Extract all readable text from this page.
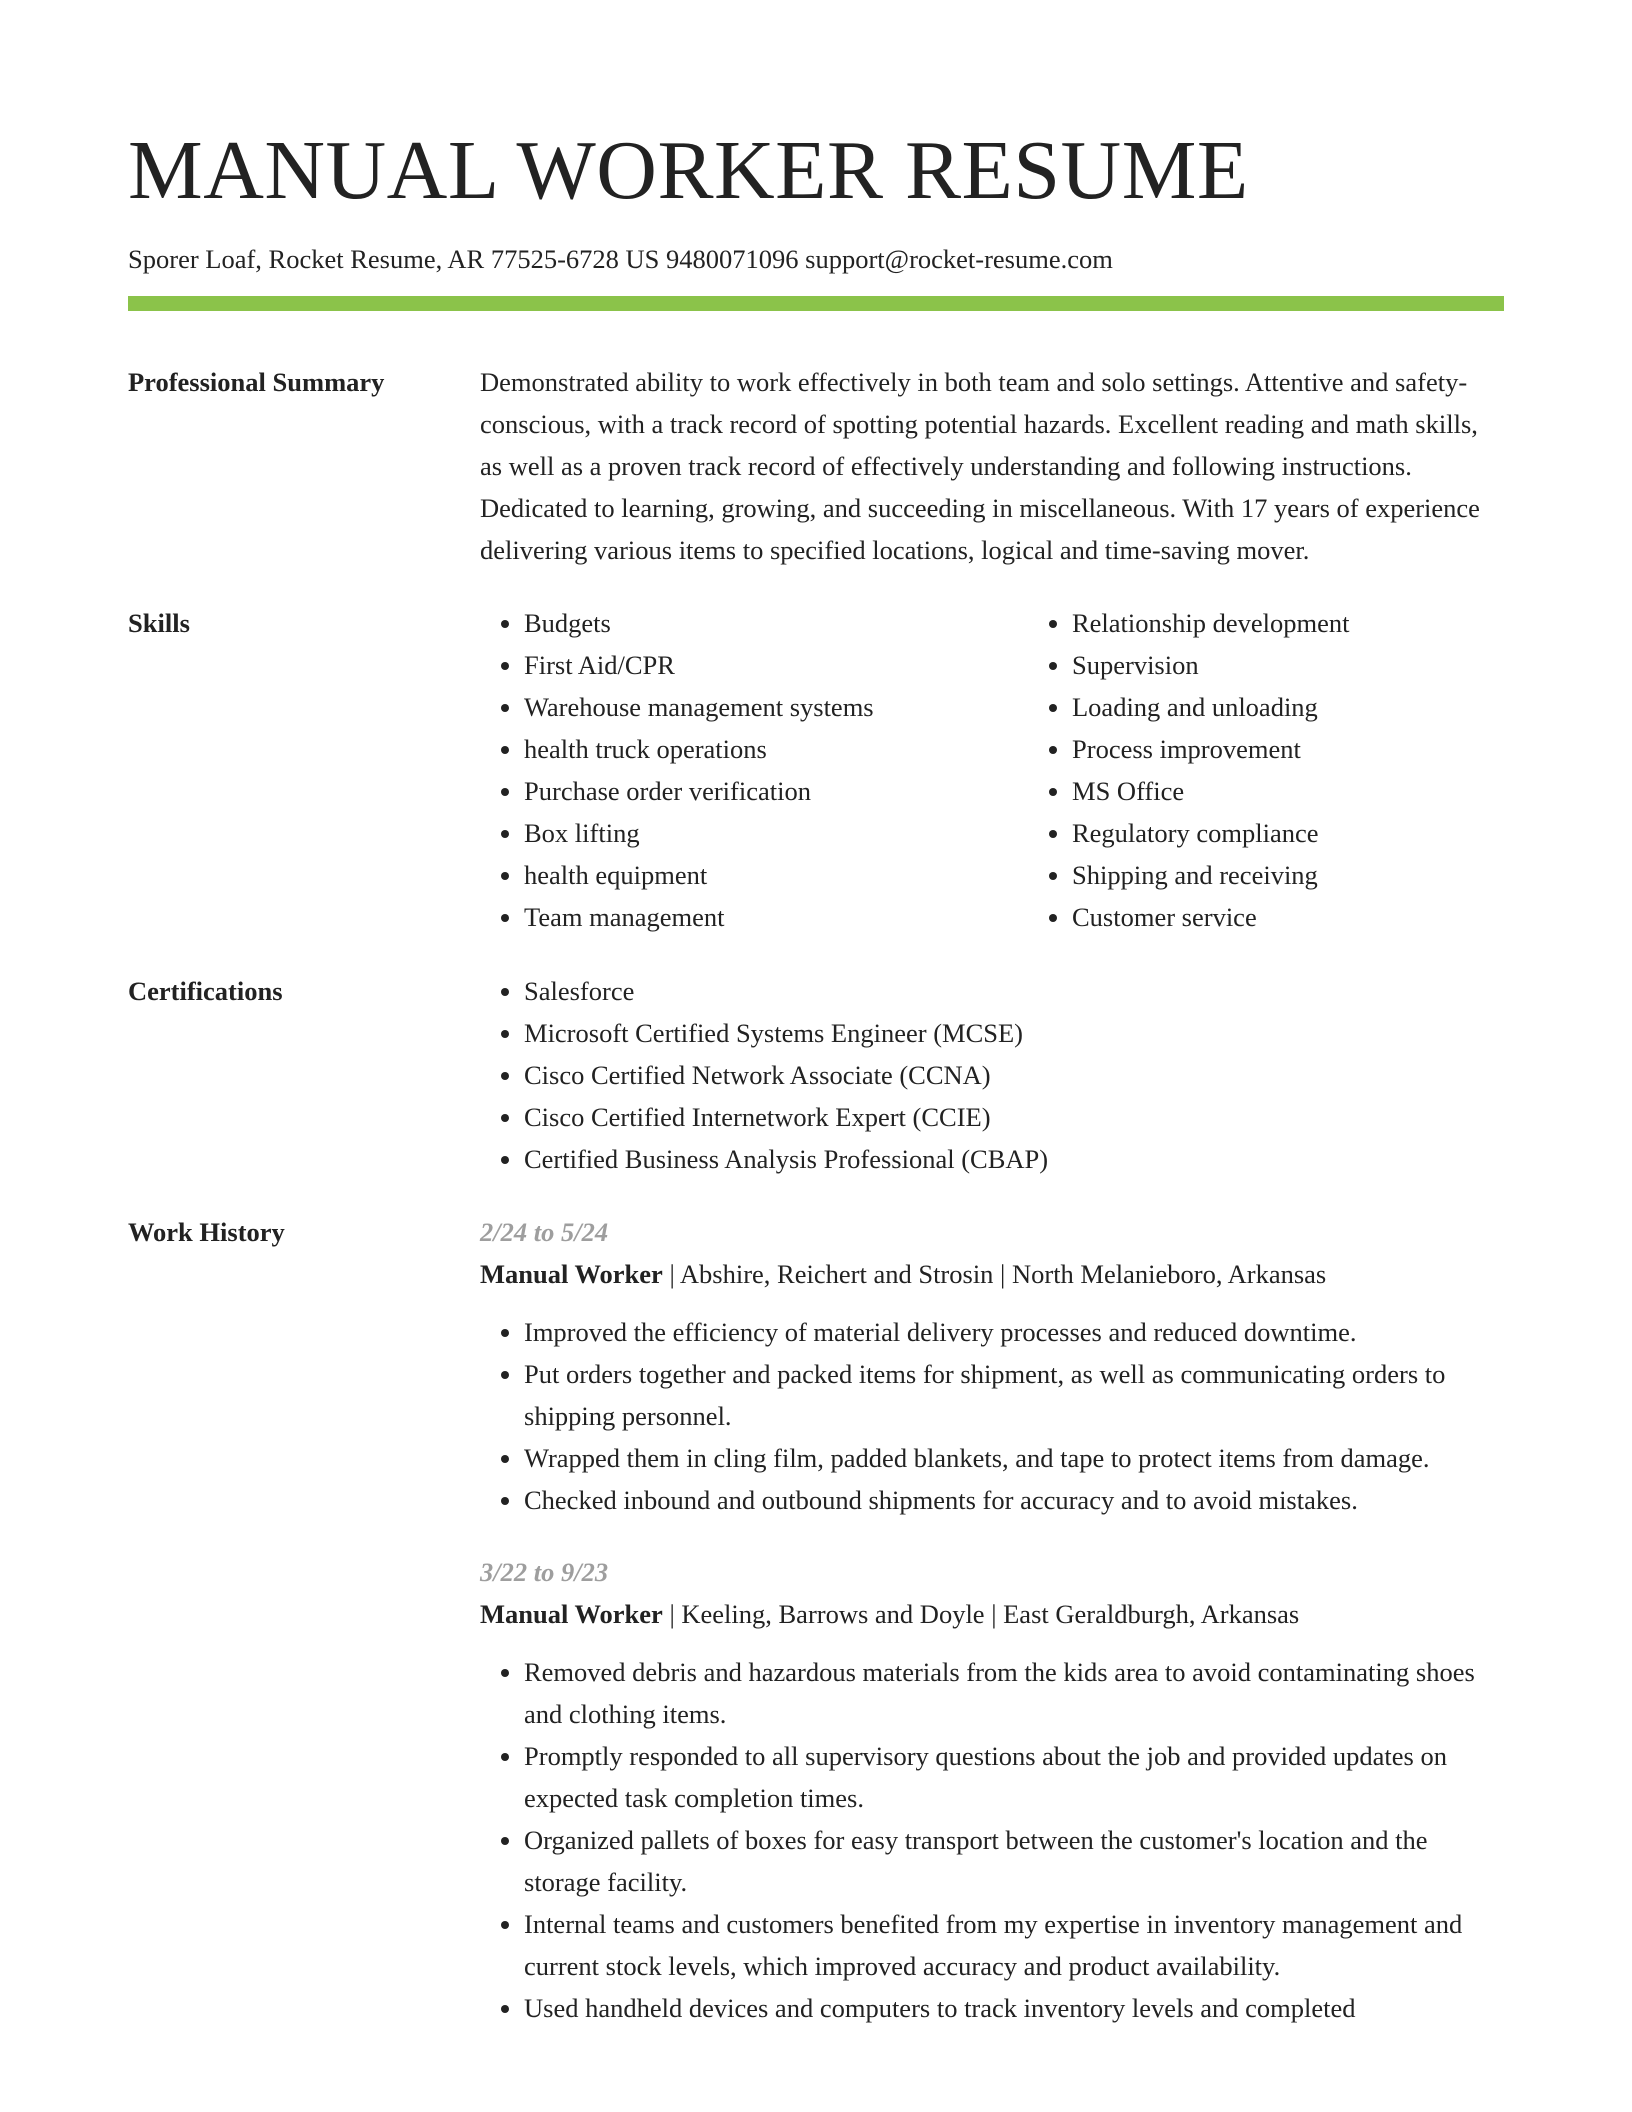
MANUAL WORKER RESUME
Sporer Loaf, Rocket Resume, AR 77525-6728 US 9480071096 support@rocket-resume.com
Professional Summary	Demonstrated ability to work effectively in both team and solo settings. Attentive and safety-conscious, with a track record of spotting potential hazards. Excellent reading and math skills, as well as a proven track record of effectively understanding and following instructions. Dedicated to learning, growing, and succeeding in miscellaneous. With 17 years of experience delivering various items to specified locations, logical and time-saving mover.
Skills	• Budgets
• First Aid/CPR
• Warehouse management systems
• health truck operations
• Purchase order verification
• Box lifting
• health equipment
• Team management
• Relationship development
• Supervision
• Loading and unloading
• Process improvement
• MS Office
• Regulatory compliance
• Shipping and receiving
• Customer service
Certifications	• Salesforce
• Microsoft Certified Systems Engineer (MCSE)
• Cisco Certified Network Associate (CCNA)
• Cisco Certified Internetwork Expert (CCIE)
• Certified Business Analysis Professional (CBAP)
Work History	2/24 to 5/24
Manual Worker | Abshire, Reichert and Strosin | North Melanieboro, Arkansas
• Improved the efficiency of material delivery processes and reduced downtime.
• Put orders together and packed items for shipment, as well as communicating orders to shipping personnel.
• Wrapped them in cling film, padded blankets, and tape to protect items from damage.
• Checked inbound and outbound shipments for accuracy and to avoid mistakes.
3/22 to 9/23
Manual Worker | Keeling, Barrows and Doyle | East Geraldburgh, Arkansas
• Removed debris and hazardous materials from the kids area to avoid contaminating shoes and clothing items.
• Promptly responded to all supervisory questions about the job and provided updates on expected task completion times.
• Organized pallets of boxes for easy transport between the customer's location and the storage facility.
• Internal teams and customers benefited from my expertise in inventory management and current stock levels, which improved accuracy and product availability.
• Used handheld devices and computers to track inventory levels and completed
